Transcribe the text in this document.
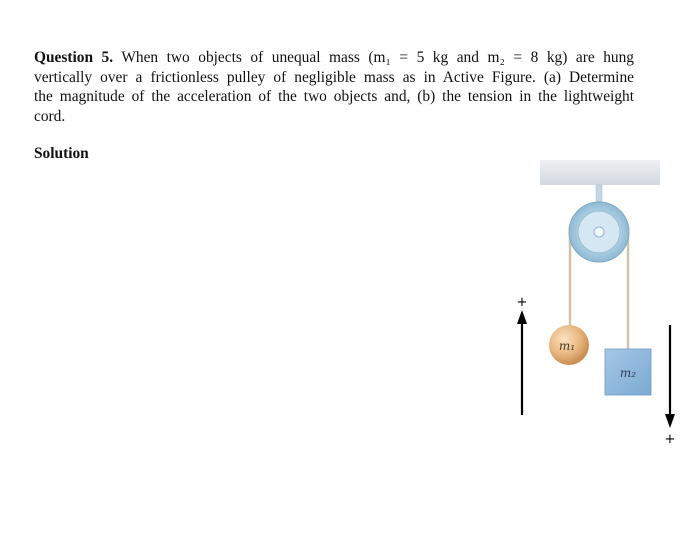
Question 5. When two objects of unequal mass (m₁ = 5 kg and m₂ = 8 kg) are hung
vertically over a frictionless pulley of negligible mass as in Active Figure. (a) Determine
the magnitude of the acceleration of the two objects and, (b) the tension in the lightweight
cord.
Solution
m₁
m₂
+
+
